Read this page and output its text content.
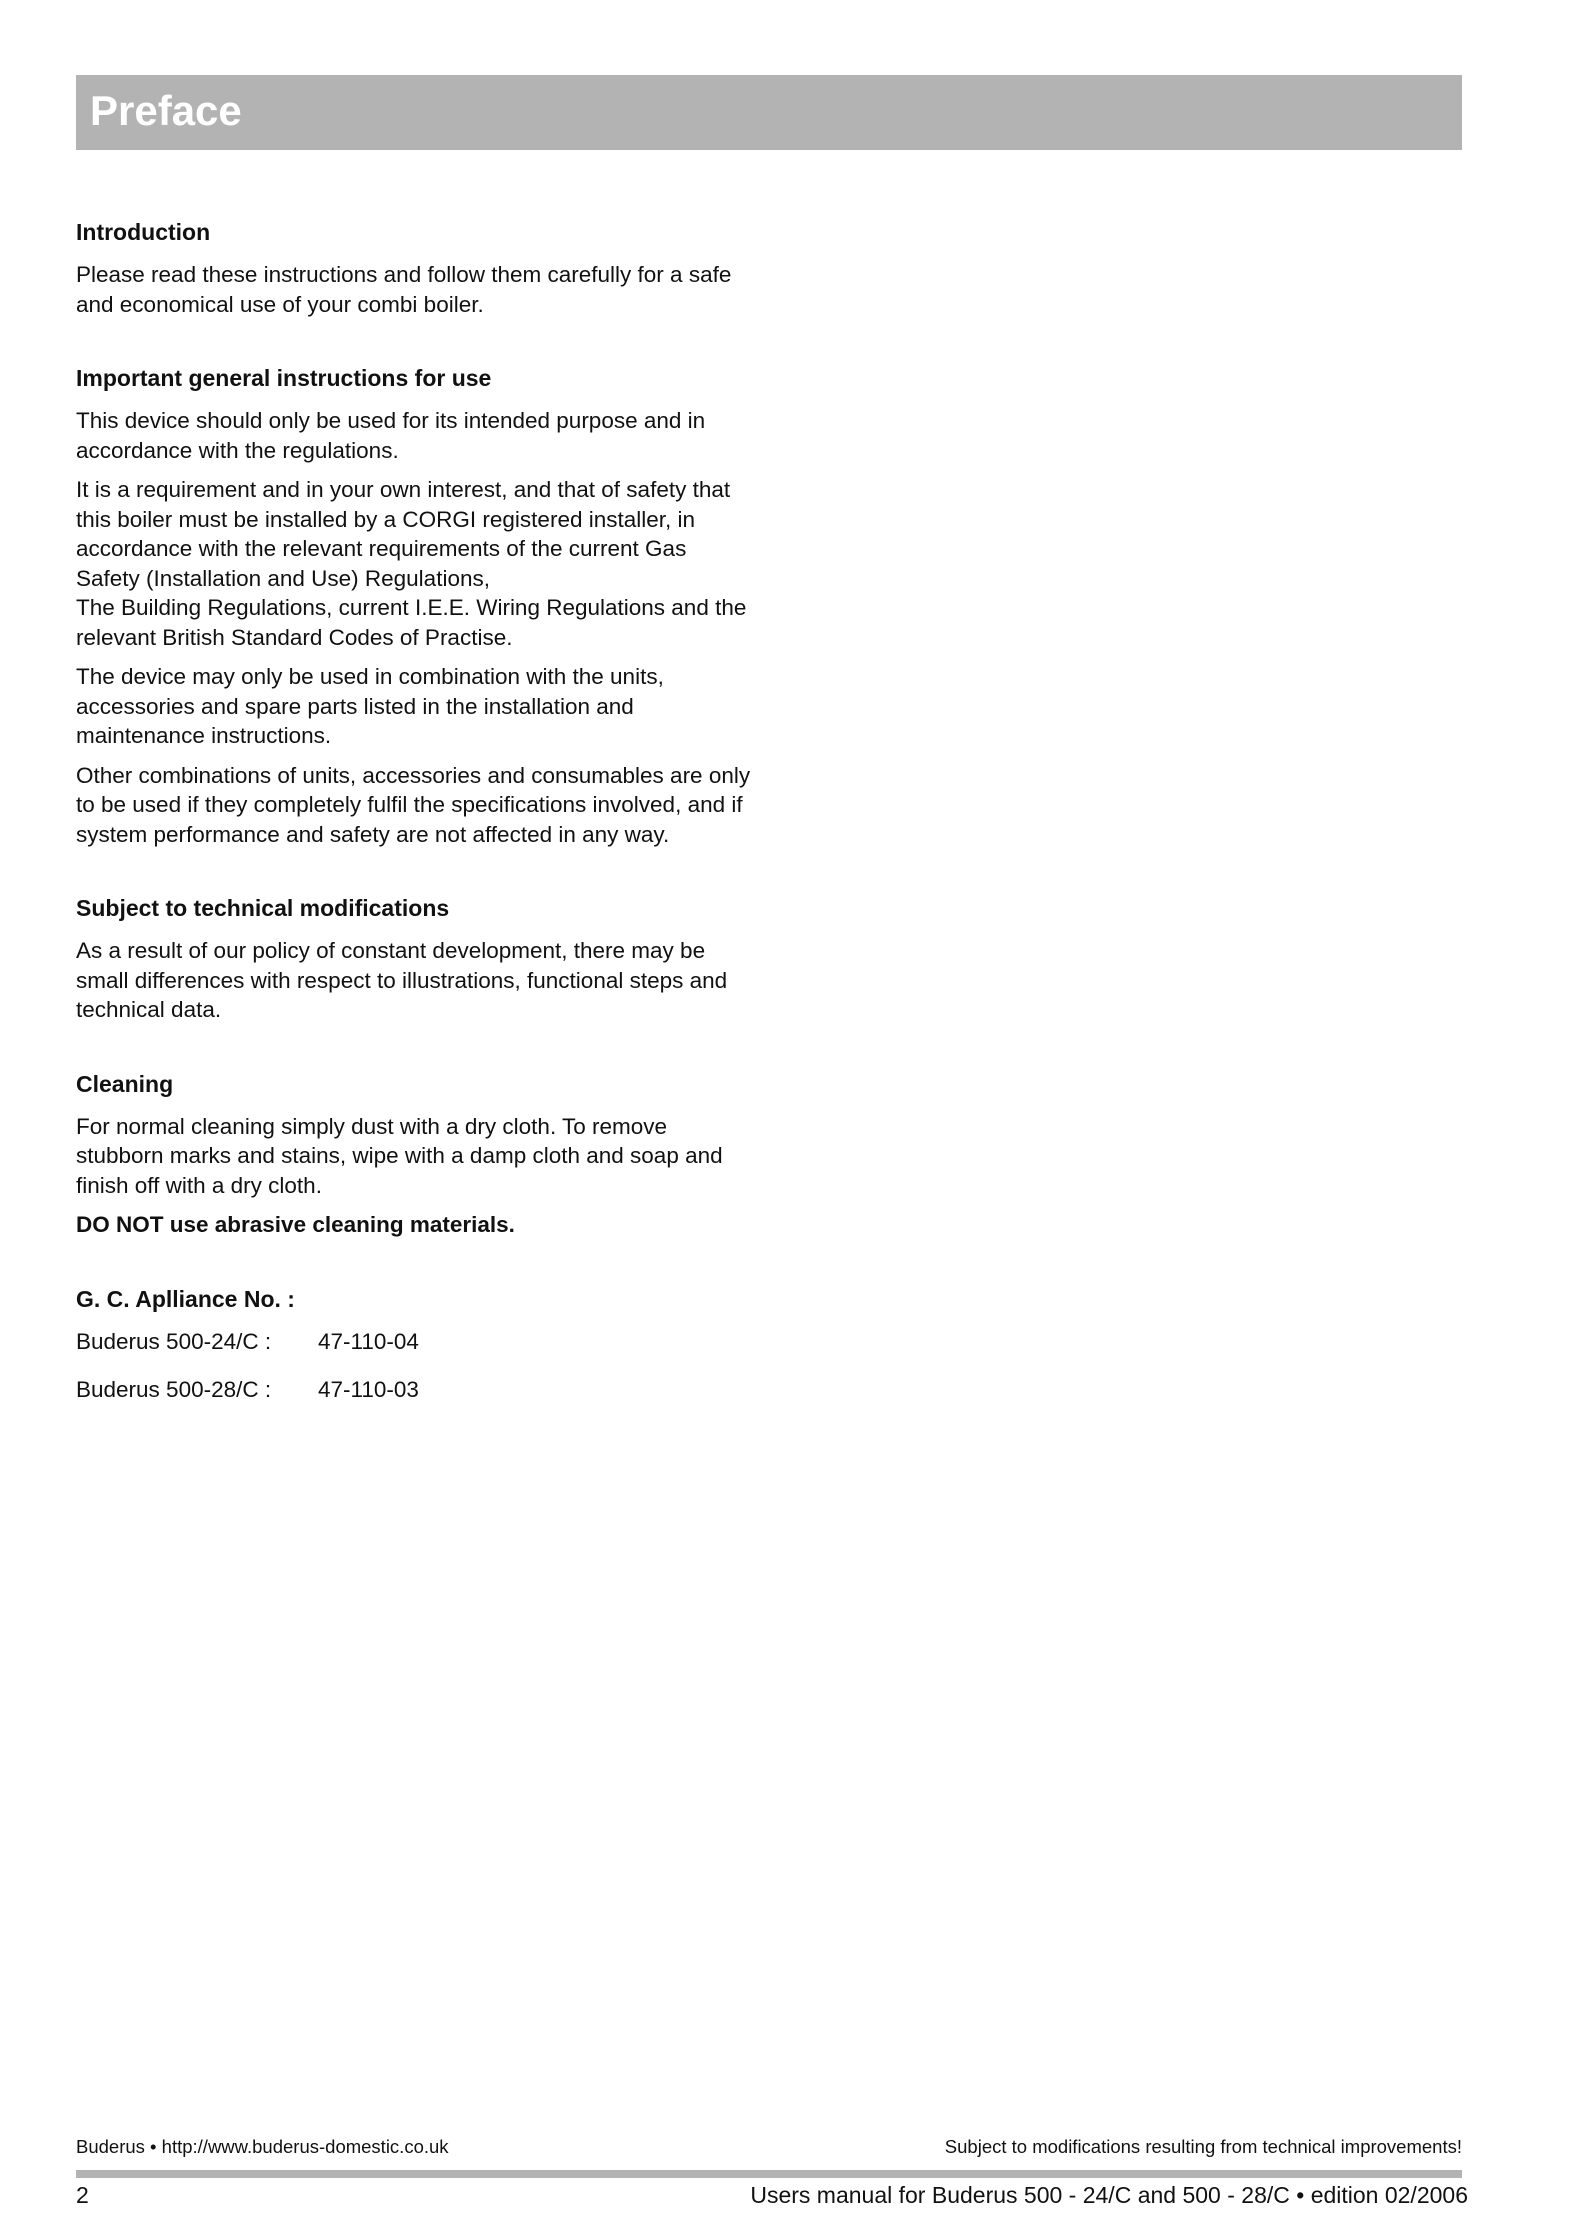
Preface
Introduction

Please read these instructions and follow them carefully for a safe and economical use of your combi boiler.

Important general instructions for use

This device should only be used for its intended purpose and in accordance with the regulations.

It is a requirement and in your own interest, and that of safety that this boiler must be installed by a CORGI registered installer, in accordance with the relevant requirements of the current Gas Safety (Installation and Use) Regulations,

The Building Regulations, current I.E.E. Wiring Regulations and the relevant British Standard Codes of Practise.

The device may only be used in combination with the units, accessories and spare parts listed in the installation and maintenance instructions.

Other combinations of units, accessories and consumables are only to be used if they completely fulfil the specifications involved, and if system performance and safety are not affected in any way.

Subject to technical modifications

As a result of our policy of constant development, there may be small differences with respect to illustrations, functional steps and technical data.

Cleaning

For normal cleaning simply dust with a dry cloth. To remove stubborn marks and stains, wipe with a damp cloth and soap and finish off with a dry cloth.

DO NOT use abrasive cleaning materials.

G. C. Aplliance No. :
Buderus 500-24/C : 47-110-04
Buderus 500-28/C : 47-110-03
Buderus • http://www.buderus-domestic.co.uk	Subject to modifications resulting from technical improvements!
2	Users manual for Buderus 500 - 24/C and 500 - 28/C • edition 02/2006
